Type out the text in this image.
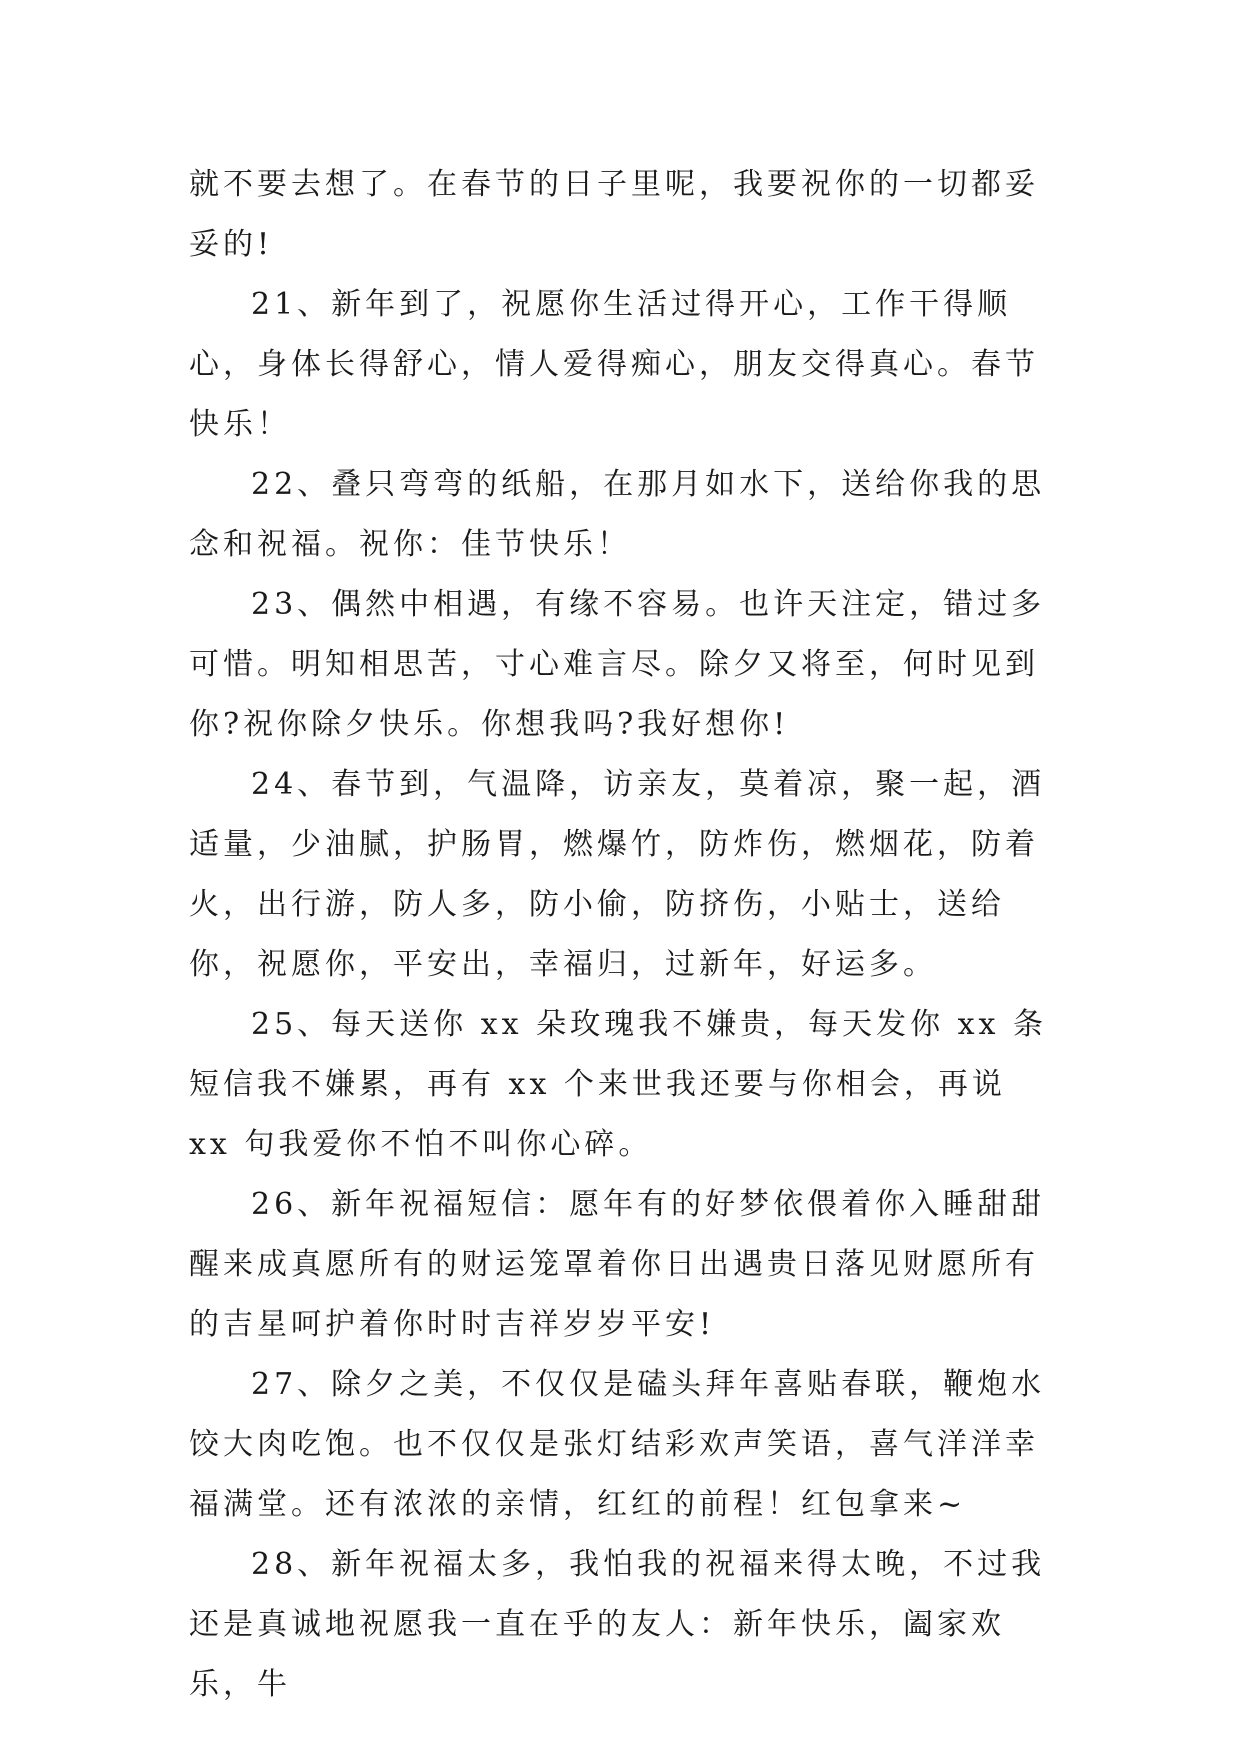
就不要去想了。在春节的日子里呢，我要祝你的一切都妥妥的!

21、新年到了，祝愿你生活过得开心，工作干得顺心，身体长得舒心，情人爱得痴心，朋友交得真心。春节快乐！

22、叠只弯弯的纸船，在那月如水下，送给你我的思念和祝福。祝你：佳节快乐！

23、偶然中相遇，有缘不容易。也许天注定，错过多可惜。明知相思苦，寸心难言尽。除夕又将至，何时见到你?祝你除夕快乐。你想我吗?我好想你!

24、春节到，气温降，访亲友，莫着凉，聚一起，酒适量，少油腻，护肠胃，燃爆竹，防炸伤，燃烟花，防着火，出行游，防人多，防小偷，防挤伤，小贴士，送给你，祝愿你，平安出，幸福归，过新年，好运多。

25、每天送你 xx 朵玫瑰我不嫌贵，每天发你 xx 条短信我不嫌累，再有 xx 个来世我还要与你相会，再说 xx 句我爱你不怕不叫你心碎。

26、新年祝福短信：愿年有的好梦依偎着你入睡甜甜醒来成真愿所有的财运笼罩着你日出遇贵日落见财愿所有的吉星呵护着你时时吉祥岁岁平安!

27、除夕之美，不仅仅是磕头拜年喜贴春联，鞭炮水饺大肉吃饱。也不仅仅是张灯结彩欢声笑语，喜气洋洋幸福满堂。还有浓浓的亲情，红红的前程！红包拿来~

28、新年祝福太多，我怕我的祝福来得太晚，不过我还是真诚地祝愿我一直在乎的友人：新年快乐，阖家欢乐，牛
